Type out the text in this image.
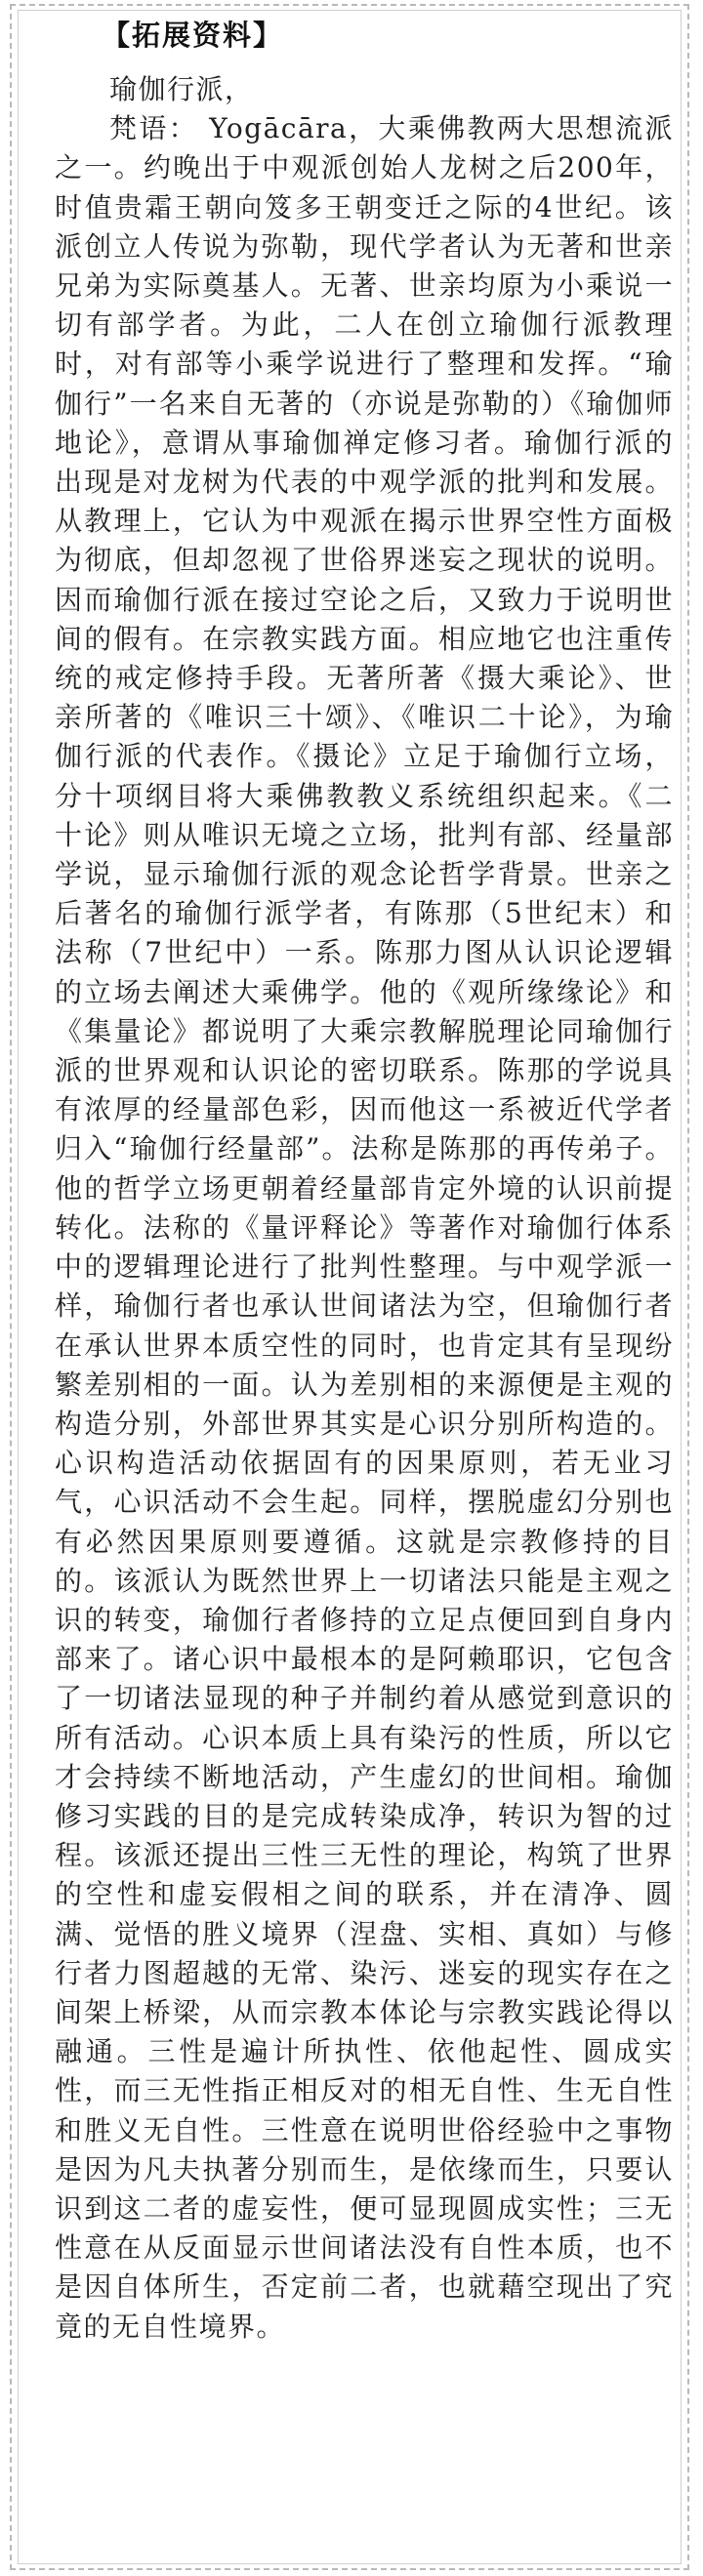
【拓展资料】
瑜伽行派，
梵语： Yogācāra，大乘佛教两大思想流派之一。约晚出于中观派创始人龙树之后200年，时值贵霜王朝向笈多王朝变迁之际的4世纪。该派创立人传说为弥勒，现代学者认为无著和世亲兄弟为实际奠基人。无著、世亲均原为小乘说一切有部学者。为此，二人在创立瑜伽行派教理时，对有部等小乘学说进行了整理和发挥。“瑜伽行”一名来自无著的（亦说是弥勒的）《瑜伽师地论》，意谓从事瑜伽禅定修习者。瑜伽行派的出现是对龙树为代表的中观学派的批判和发展。从教理上，它认为中观派在揭示世界空性方面极为彻底，但却忽视了世俗界迷妄之现状的说明。因而瑜伽行派在接过空论之后，又致力于说明世间的假有。在宗教实践方面。相应地它也注重传统的戒定修持手段。无著所著《摄大乘论》、世亲所著的《唯识三十颂》、《唯识二十论》，为瑜伽行派的代表作。《摄论》立足于瑜伽行立场，分十项纲目将大乘佛教教义系统组织起来。《二十论》则从唯识无境之立场，批判有部、经量部学说，显示瑜伽行派的观念论哲学背景。世亲之后著名的瑜伽行派学者，有陈那（5世纪末）和法称（7世纪中）一系。陈那力图从认识论逻辑的立场去阐述大乘佛学。他的《观所缘缘论》和《集量论》都说明了大乘宗教解脱理论同瑜伽行派的世界观和认识论的密切联系。陈那的学说具有浓厚的经量部色彩，因而他这一系被近代学者归入“瑜伽行经量部”。法称是陈那的再传弟子。他的哲学立场更朝着经量部肯定外境的认识前提转化。法称的《量评释论》等著作对瑜伽行体系中的逻辑理论进行了批判性整理。与中观学派一样，瑜伽行者也承认世间诸法为空，但瑜伽行者在承认世界本质空性的同时，也肯定其有呈现纷繁差别相的一面。认为差别相的来源便是主观的构造分别，外部世界其实是心识分别所构造的。心识构造活动依据固有的因果原则，若无业习气，心识活动不会生起。同样，摆脱虚幻分别也有必然因果原则要遵循。这就是宗教修持的目的。该派认为既然世界上一切诸法只能是主观之识的转变，瑜伽行者修持的立足点便回到自身内部来了。诸心识中最根本的是阿赖耶识，它包含了一切诸法显现的种子并制约着从感觉到意识的所有活动。心识本质上具有染污的性质，所以它才会持续不断地活动，产生虚幻的世间相。瑜伽修习实践的目的是完成转染成净，转识为智的过程。该派还提出三性三无性的理论，构筑了世界的空性和虚妄假相之间的联系，并在清净、圆满、觉悟的胜义境界（涅盘、实相、真如）与修行者力图超越的无常、染污、迷妄的现实存在之间架上桥梁，从而宗教本体论与宗教实践论得以融通。三性是遍计所执性、依他起性、圆成实性，而三无性指正相反对的相无自性、生无自性和胜义无自性。三性意在说明世俗经验中之事物是因为凡夫执著分别而生，是依缘而生，只要认识到这二者的虚妄性，便可显现圆成实性；三无性意在从反面显示世间诸法没有自性本质，也不是因自体所生，否定前二者，也就藉空现出了究竟的无自性境界。
